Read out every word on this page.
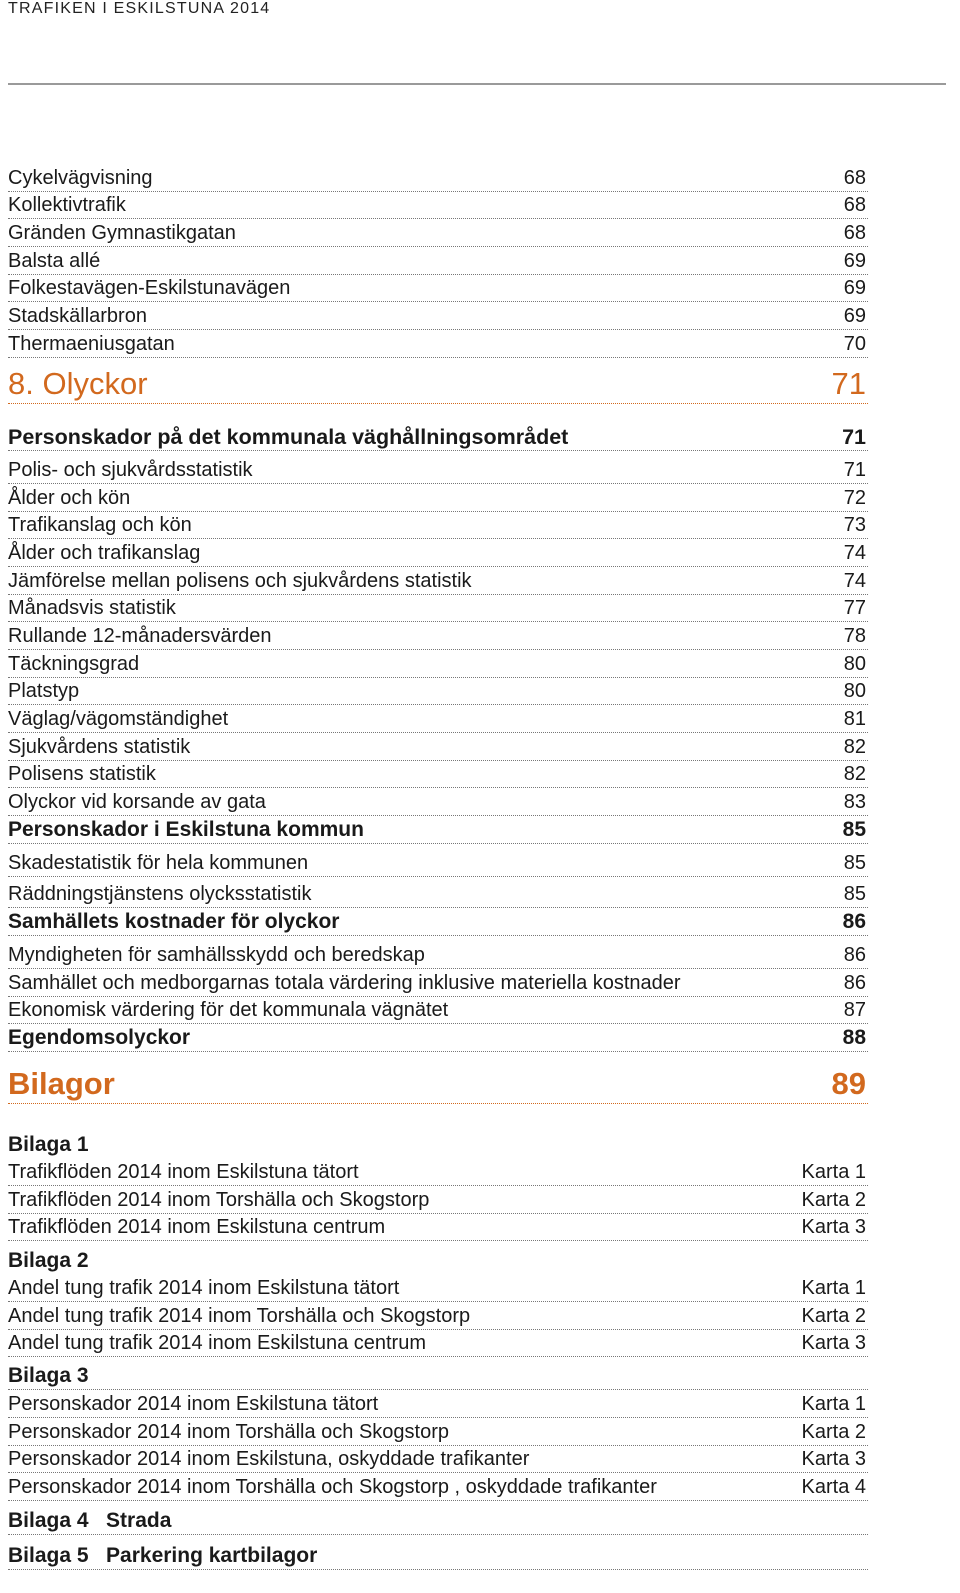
TRAFIKEN I ESKILSTUNA 2014
Cykelvägvisning	68
Kollektivtrafik	68
Gränden Gymnastikgatan	68
Balsta allé	69
Folkestavägen-Eskilstunavägen	69
Stadskällarbron	69
Thermaeniusgatan	70
8. Olyckor	71
Personskador på det kommunala väghållningsområdet	71
Polis- och sjukvårdsstatistik	71
Ålder och kön	72
Trafikanslag och kön	73
Ålder och trafikanslag	74
Jämförelse mellan polisens och sjukvårdens statistik	74
Månadsvis statistik	77
Rullande 12-månadersvärden	78
Täckningsgrad	80
Platstyp	80
Väglag/vägomständighet	81
Sjukvårdens statistik	82
Polisens statistik	82
Olyckor vid korsande av gata	83
Personskador i Eskilstuna kommun	85
Skadestatistik för hela kommunen	85
Räddningstjänstens olycksstatistik	85
Samhällets kostnader för olyckor	86
Myndigheten för samhällsskydd och beredskap	86
Samhället och medborgarnas totala värdering inklusive materiella kostnader	86
Ekonomisk värdering för det kommunala vägnätet	87
Egendomsolyckor	88
Bilagor	89
Bilaga 1
Trafikflöden 2014 inom Eskilstuna tätort	Karta 1
Trafikflöden 2014 inom Torshälla och Skogstorp	Karta 2
Trafikflöden 2014 inom Eskilstuna centrum	Karta 3
Bilaga 2
Andel tung trafik 2014 inom Eskilstuna tätort	Karta 1
Andel tung trafik 2014 inom Torshälla och Skogstorp	Karta 2
Andel tung trafik 2014 inom Eskilstuna centrum	Karta 3
Bilaga 3
Personskador 2014 inom Eskilstuna tätort	Karta 1
Personskador 2014 inom Torshälla och Skogstorp	Karta 2
Personskador 2014 inom Eskilstuna, oskyddade trafikanter	Karta 3
Personskador 2014 inom Torshälla och Skogstorp , oskyddade trafikanter	Karta 4
Bilaga 4   Strada
Bilaga 5   Parkering kartbilagor
